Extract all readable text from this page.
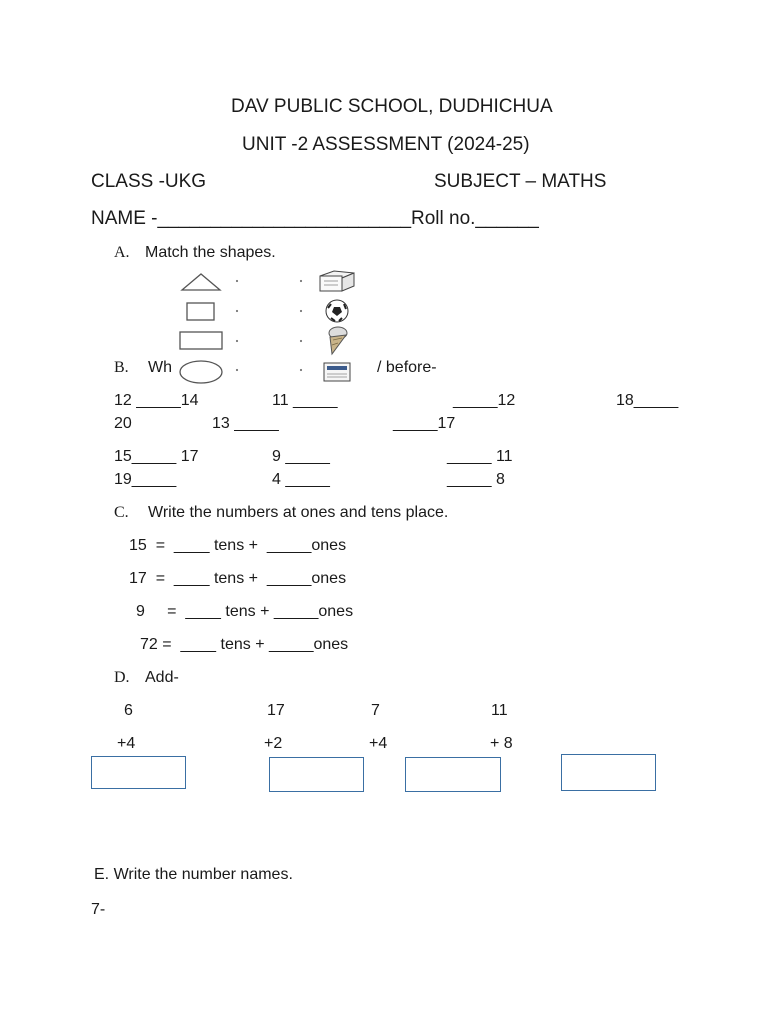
DAV PUBLIC SCHOOL, DUDHICHUA
UNIT -2 ASSESSMENT (2024-25)
CLASS -UKG	SUBJECT – MATHS
NAME -________________________ Roll no.______
A. Match the shapes.
B. Wh	/ before-
12 _____14	11 _____	_____12	18_____
20	13 _____	_____17
15_____ 17	9 _____	_____ 11
19_____	4 _____	_____ 8
C. Write the numbers at ones and tens place.
15  =  ____ tens +  _____ones
17  =  ____ tens +  _____ones
9     =  ____ tens + _____ones
72 =  ____ tens + _____ones
D. Add-
6	17	7	11
+4	+2	+4	+ 8
E. Write the number names.
7-
